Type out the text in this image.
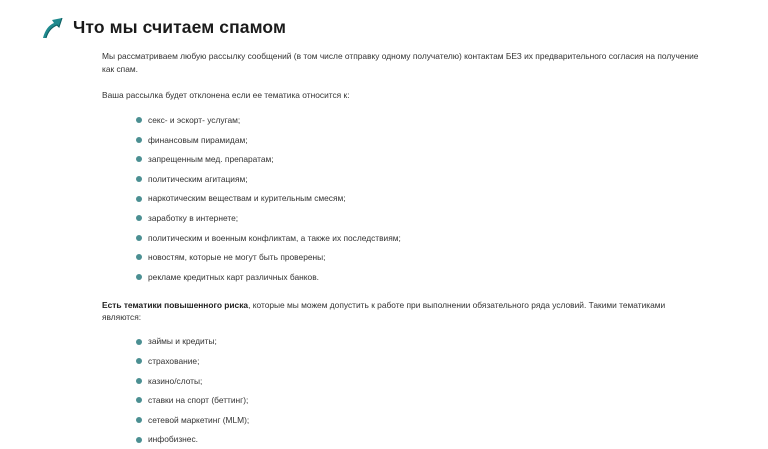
Что мы считаем спамом

Мы рассматриваем любую рассылку сообщений (в том числе отправку одному получателю) контактам БЕЗ их предварительного согласия на получение как спам.

Ваша рассылка будет отклонена если ее тематика относится к:

секс- и эскорт- услугам;
финансовым пирамидам;
запрещенным мед. препаратам;
политическим агитациям;
наркотическим веществам и курительным смесям;
заработку в интернете;
политическим и военным конфликтам, а также их последствиям;
новостям, которые не могут быть проверены;
рекламе кредитных карт различных банков.

Есть тематики повышенного риска, которые мы можем допустить к работе при выполнении обязательного ряда условий. Такими тематиками являются:

займы и кредиты;
страхование;
казино/слоты;
ставки на спорт (беттинг);
сетевой маркетинг (MLM);
инфобизнес.
